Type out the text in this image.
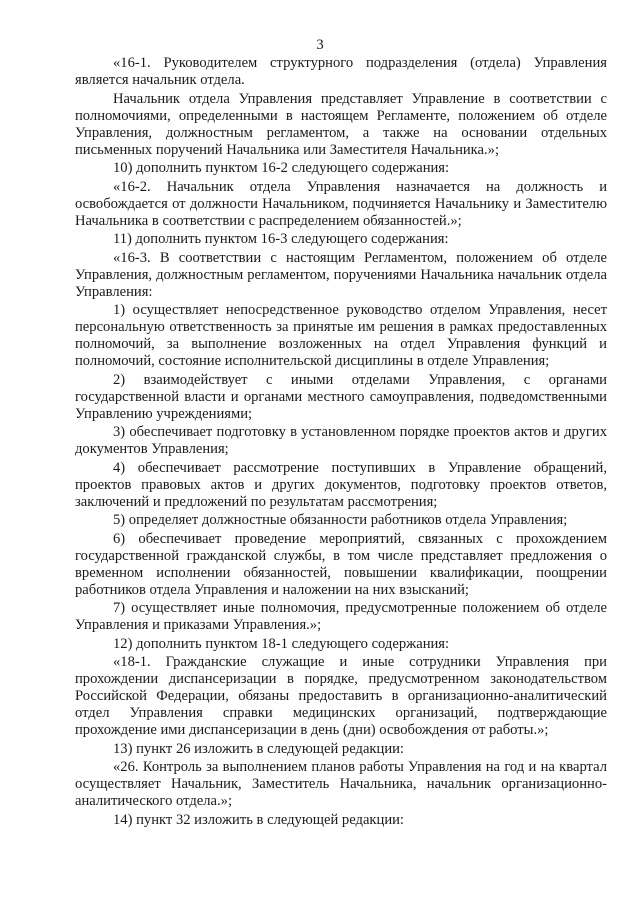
3

«16-1. Руководителем структурного подразделения (отдела) Управления является начальник отдела.

Начальник отдела Управления представляет Управление в соответствии с полномочиями, определенными в настоящем Регламенте, положением об отделе Управления, должностным регламентом, а также на основании отдельных письменных поручений Начальника или Заместителя Начальника.»;

10) дополнить пунктом 16-2 следующего содержания:

«16-2. Начальник отдела Управления назначается на должность и освобождается от должности Начальником, подчиняется Начальнику и Заместителю Начальника в соответствии с распределением обязанностей.»;

11) дополнить пунктом 16-3 следующего содержания:

«16-3. В соответствии с настоящим Регламентом, положением об отделе Управления, должностным регламентом, поручениями Начальника начальник отдела Управления:

1) осуществляет непосредственное руководство отделом Управления, несет персональную ответственность за принятые им решения в рамках предоставленных полномочий, за выполнение возложенных на отдел Управления функций и полномочий, состояние исполнительской дисциплины в отделе Управления;

2) взаимодействует с иными отделами Управления, с органами государственной власти и органами местного самоуправления, подведомственными Управлению учреждениями;

3) обеспечивает подготовку в установленном порядке проектов актов и других документов Управления;

4) обеспечивает рассмотрение поступивших в Управление обращений, проектов правовых актов и других документов, подготовку проектов ответов, заключений и предложений по результатам рассмотрения;

5) определяет должностные обязанности работников отдела Управления;

6) обеспечивает проведение мероприятий, связанных с прохождением государственной гражданской службы, в том числе представляет предложения о временном исполнении обязанностей, повышении квалификации, поощрении работников отдела Управления и наложении на них взысканий;

7) осуществляет иные полномочия, предусмотренные положением об отделе Управления и приказами Управления.»;

12) дополнить пунктом 18-1 следующего содержания:

«18-1. Гражданские служащие и иные сотрудники Управления при прохождении диспансеризации в порядке, предусмотренном законодательством Российской Федерации, обязаны предоставить в организационно-аналитический отдел Управления справки медицинских организаций, подтверждающие прохождение ими диспансеризации в день (дни) освобождения от работы.»;

13) пункт 26 изложить в следующей редакции:

«26. Контроль за выполнением планов работы Управления на год и на квартал осуществляет Начальник, Заместитель Начальника, начальник организационно-аналитического отдела.»;

14) пункт 32 изложить в следующей редакции:
